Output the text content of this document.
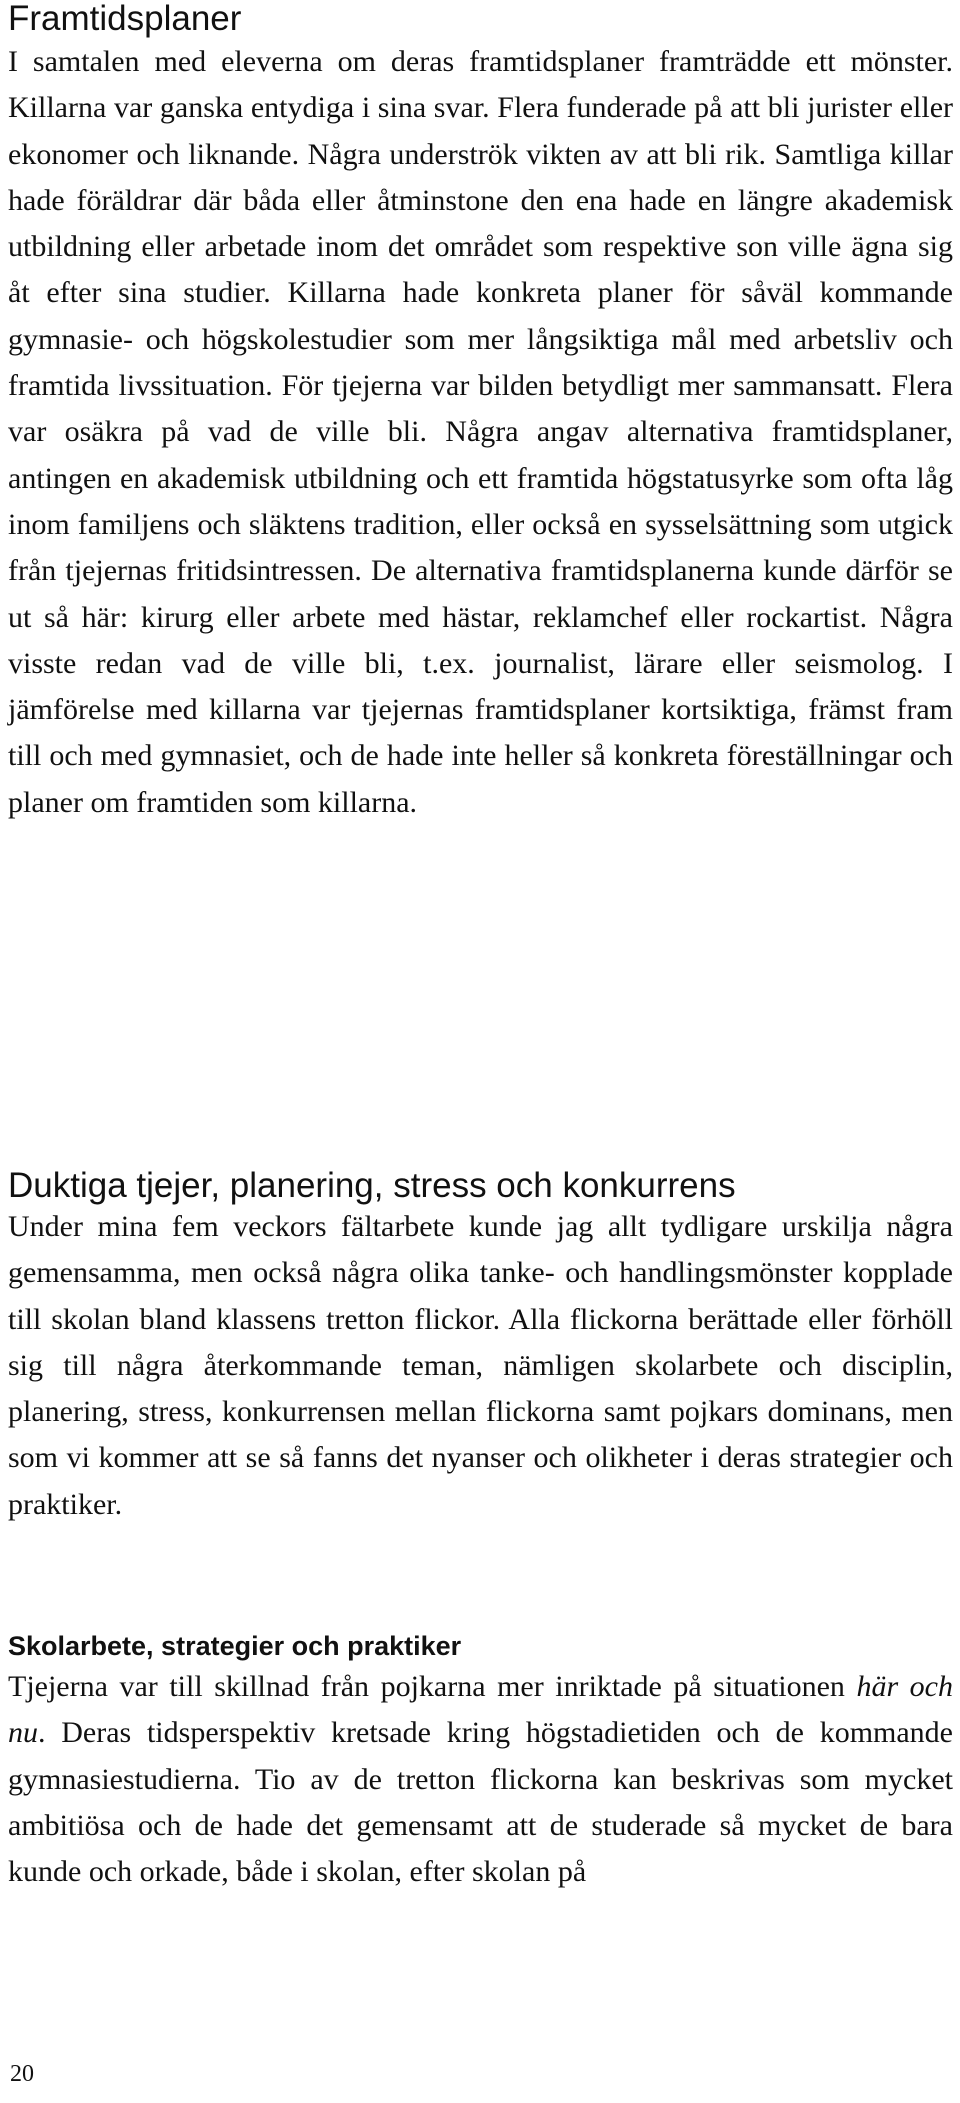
Framtidsplaner

I samtalen med eleverna om deras framtidsplaner framträdde ett mönster. Killarna var ganska entydiga i sina svar. Flera funderade på att bli jurister eller ekonomer och liknande. Några underströk vikten av att bli rik. Samtliga killar hade föräldrar där båda eller åtminstone den ena hade en längre akademisk utbildning eller arbetade inom det området som respektive son ville ägna sig åt efter sina studier. Killarna hade konkreta planer för såväl kommande gymnasie- och högskolestudier som mer långsiktiga mål med arbetsliv och framtida livssituation. För tjejerna var bilden betydligt mer sammansatt. Flera var osäkra på vad de ville bli. Några angav alternativa framtidsplaner, antingen en akademisk utbildning och ett framtida högstatusyrke som ofta låg inom familjens och släktens tradition, eller också en sysselsättning som utgick från tjejernas fritidsintressen. De alternativa framtidsplanerna kunde därför se ut så här: kirurg eller arbete med hästar, reklamchef eller rockartist. Några visste redan vad de ville bli, t.ex. journalist, lärare eller seismolog. I jämförelse med killarna var tjejernas framtidsplaner kortsiktiga, främst fram till och med gymnasiet, och de hade inte heller så konkreta föreställningar och planer om framtiden som killarna.

Duktiga tjejer, planering, stress och konkurrens

Under mina fem veckors fältarbete kunde jag allt tydligare urskilja några gemensamma, men också några olika tanke- och handlingsmönster kopplade till skolan bland klassens tretton flickor. Alla flickorna berättade eller förhöll sig till några återkommande teman, nämligen skolarbete och disciplin, planering, stress, konkurrensen mellan flickorna samt pojkars dominans, men som vi kommer att se så fanns det nyanser och olikheter i deras strategier och praktiker.

Skolarbete, strategier och praktiker

Tjejerna var till skillnad från pojkarna mer inriktade på situationen här och nu. Deras tidsperspektiv kretsade kring högstadietiden och de kommande gymnasiestudierna. Tio av de tretton flickorna kan beskrivas som mycket ambitiösa och de hade det gemensamt att de studerade så mycket de bara kunde och orkade, både i skolan, efter skolan på

20
